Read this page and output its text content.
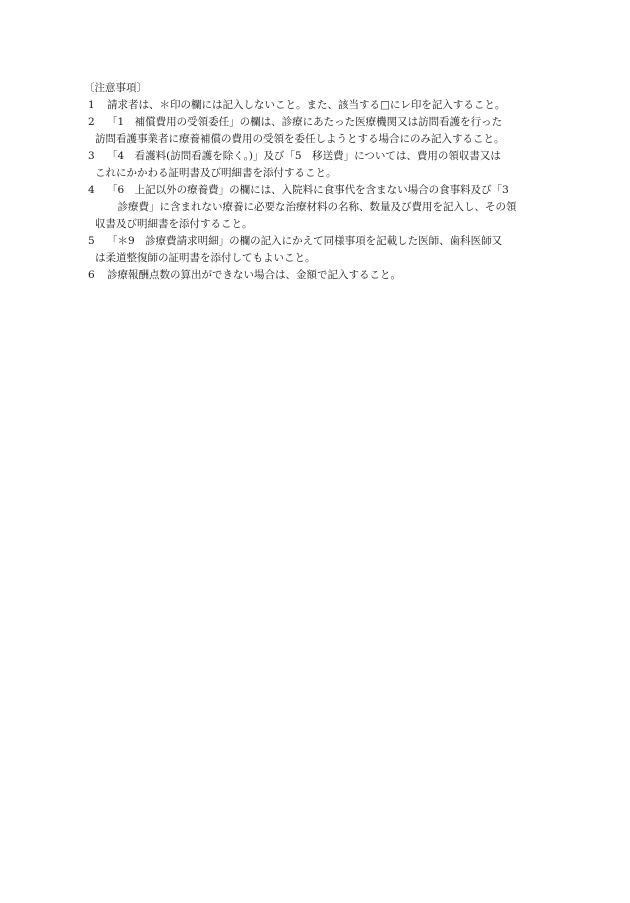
〔注意事項〕
1	請求者は、＊印の欄には記入しないこと。また、該当する□にレ印を記入すること。
2	「1　補償費用の受領委任」の欄は、診療にあたった医療機関又は訪問看護を行った
訪問看護事業者に療養補償の費用の受領を委任しようとする場合にのみ記入すること。
3	「4　看護料(訪問看護を除く。)」及び「5　移送費」については、費用の領収書又は
これにかかわる証明書及び明細書を添付すること。
4	「6　上記以外の療養費」の欄には、入院料に食事代を含まない場合の食事料及び「3
　診療費」に含まれない療養に必要な治療材料の名称、数量及び費用を記入し、その領
収書及び明細書を添付すること。
5	「＊9　診療費請求明細」の欄の記入にかえて同様事項を記載した医師、歯科医師又
は柔道整復師の証明書を添付してもよいこと。
6	診療報酬点数の算出ができない場合は、金額で記入すること。
